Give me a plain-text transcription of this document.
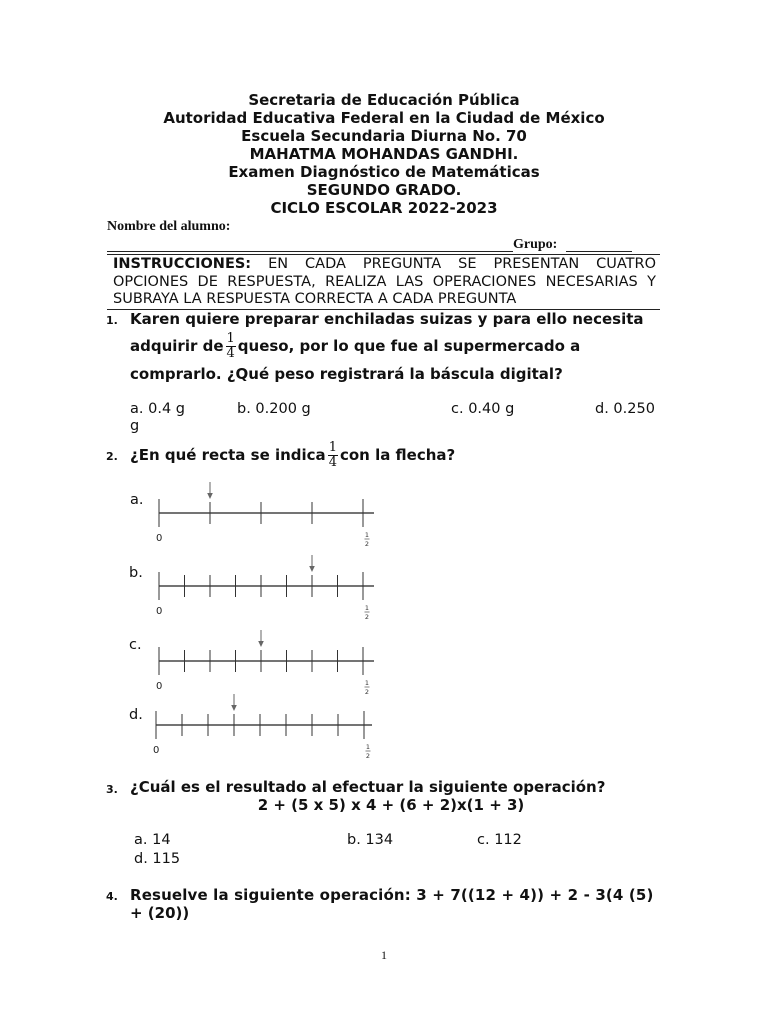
Secretaria de Educación Pública
Autoridad Educativa Federal en la Ciudad de México
Escuela Secundaria Diurna No. 70
MAHATMA MOHANDAS GANDHI.
Examen Diagnóstico de Matemáticas
SEGUNDO GRADO.
CICLO ESCOLAR 2022-2023
Nombre del alumno:
Grupo:
INSTRUCCIONES: EN CADA PREGUNTA SE PRESENTAN CUATRO OPCIONES DE RESPUESTA, REALIZA LAS OPERACIONES NECESARIAS Y SUBRAYA LA RESPUESTA CORRECTA A CADA PREGUNTA
1. Karen quiere preparar enchiladas suizas y para ello necesita
adquirir de $\frac{1}{4}$ queso, por lo que fue al supermercado a
comprarlo. ¿Qué peso registrará la báscula digital?
a. 0.4 g	b. 0.200 g	c. 0.40 g	d. 0.250
g
2. ¿En qué recta se indica $\frac{1}{4}$ con la flecha?
a.
b.
c.
d.
0	1
2
0	1
2
0	1
2
0	1
2
3. ¿Cuál es el resultado al efectuar la siguiente operación?
2 + (5 x 5) x 4 + (6 + 2)x(1 + 3)
a. 14	b. 134	c. 112
d. 115
4. Resuelve la siguiente operación: 3 + 7((12 + 4)) + 2 - 3(4 (5)
+ (20))
1
